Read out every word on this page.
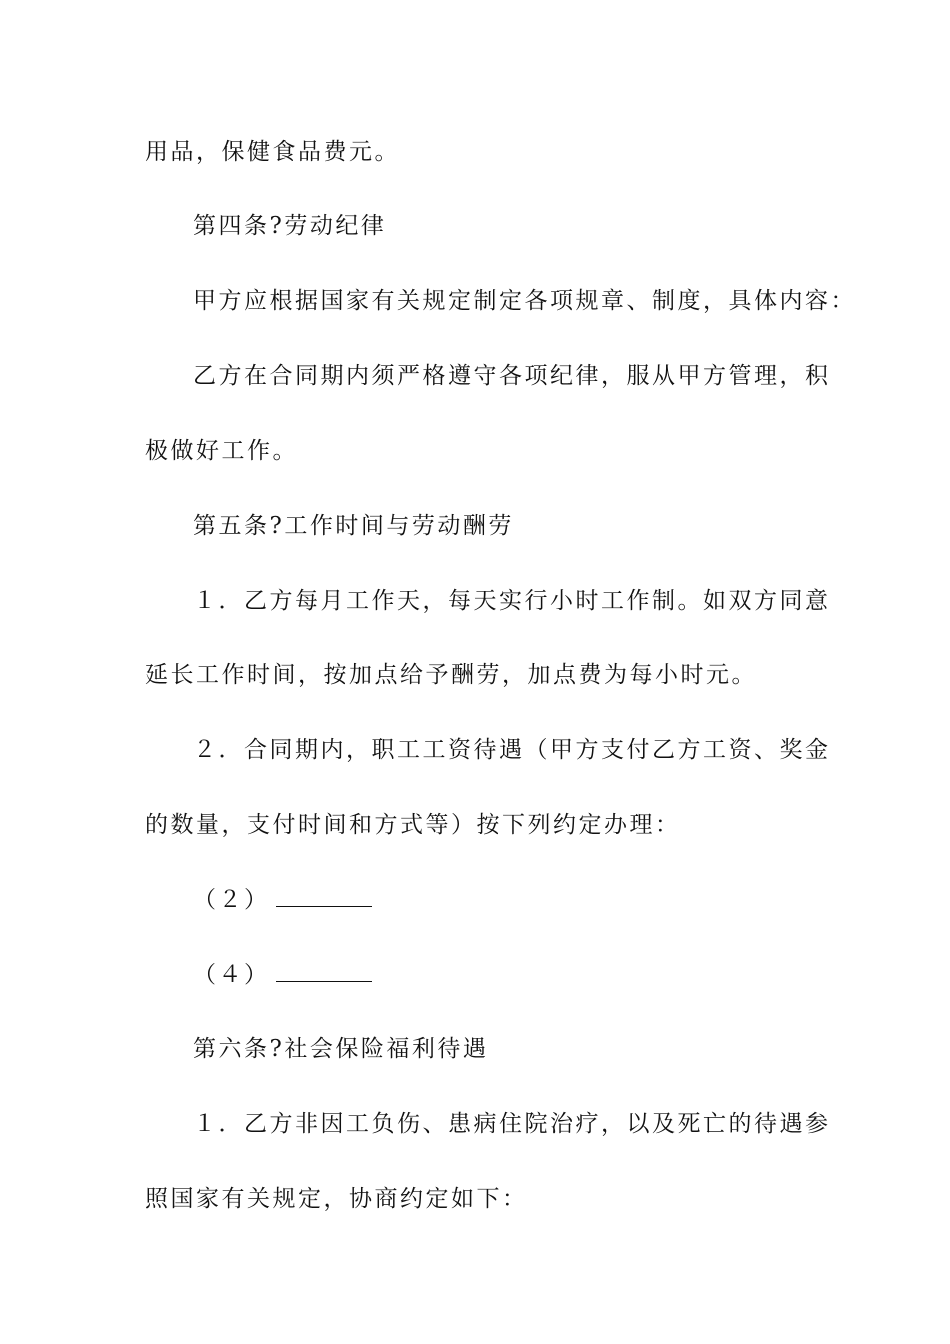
用品，保健食品费元。
第四条?劳动纪律
甲方应根据国家有关规定制定各项规章、制度，具体内容：
乙方在合同期内须严格遵守各项纪律，服从甲方管理，积
极做好工作。
第五条?工作时间与劳动酬劳
１．乙方每月工作天，每天实行小时工作制。如双方同意
延长工作时间，按加点给予酬劳，加点费为每小时元。
２．合同期内，职工工资待遇（甲方支付乙方工资、奖金
的数量，支付时间和方式等）按下列约定办理：
（２）
（４）
第六条?社会保险福利待遇
１．乙方非因工负伤、患病住院治疗，以及死亡的待遇参
照国家有关规定，协商约定如下：
